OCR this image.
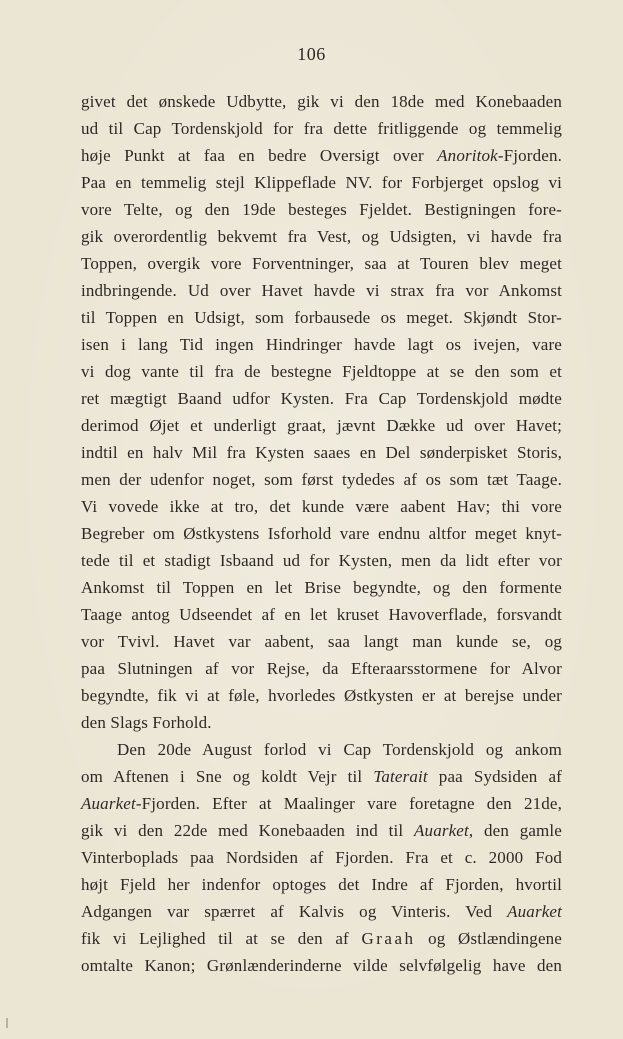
106
givet det ønskede Udbytte, gik vi den 18de med Konebaaden
ud til Cap Tordenskjold for fra dette fritliggende og temmelig
høje Punkt at faa en bedre Oversigt over Anoritok-Fjorden.
Paa en temmelig stejl Klippeflade NV. for Forbjerget opslog vi
vore Telte, og den 19de besteges Fjeldet. Bestigningen fore-
gik overordentlig bekvemt fra Vest, og Udsigten, vi havde fra
Toppen, overgik vore Forventninger, saa at Touren blev meget
indbringende. Ud over Havet havde vi strax fra vor Ankomst
til Toppen en Udsigt, som forbausede os meget. Skjøndt Stor-
isen i lang Tid ingen Hindringer havde lagt os ivejen, vare
vi dog vante til fra de bestegne Fjeldtoppe at se den som et
ret mægtigt Baand udfor Kysten. Fra Cap Tordenskjold mødte
derimod Øjet et underligt graat, jævnt Dække ud over Havet;
indtil en halv Mil fra Kysten saaes en Del sønderpisket Storis,
men der udenfor noget, som først tydedes af os som tæt Taage.
Vi vovede ikke at tro, det kunde være aabent Hav; thi vore
Begreber om Østkystens Isforhold vare endnu altfor meget knyt-
tede til et stadigt Isbaand ud for Kysten, men da lidt efter vor
Ankomst til Toppen en let Brise begyndte, og den formente
Taage antog Udseendet af en let kruset Havoverflade, forsvandt
vor Tvivl. Havet var aabent, saa langt man kunde se, og
paa Slutningen af vor Rejse, da Efteraarsstormene for Alvor
begyndte, fik vi at føle, hvorledes Østkysten er at berejse under
den Slags Forhold.
Den 20de August forlod vi Cap Tordenskjold og ankom
om Aftenen i Sne og koldt Vejr til Taterait paa Sydsiden af
Auarket-Fjorden. Efter at Maalinger vare foretagne den 21de,
gik vi den 22de med Konebaaden ind til Auarket, den gamle
Vinterboplads paa Nordsiden af Fjorden. Fra et c. 2000 Fod
højt Fjeld her indenfor optoges det Indre af Fjorden, hvortil
Adgangen var spærret af Kalvis og Vinteris. Ved Auarket
fik vi Lejlighed til at se den af Graah og Østlændingene
omtalte Kanon; Grønlænderinderne vilde selvfølgelig have den
